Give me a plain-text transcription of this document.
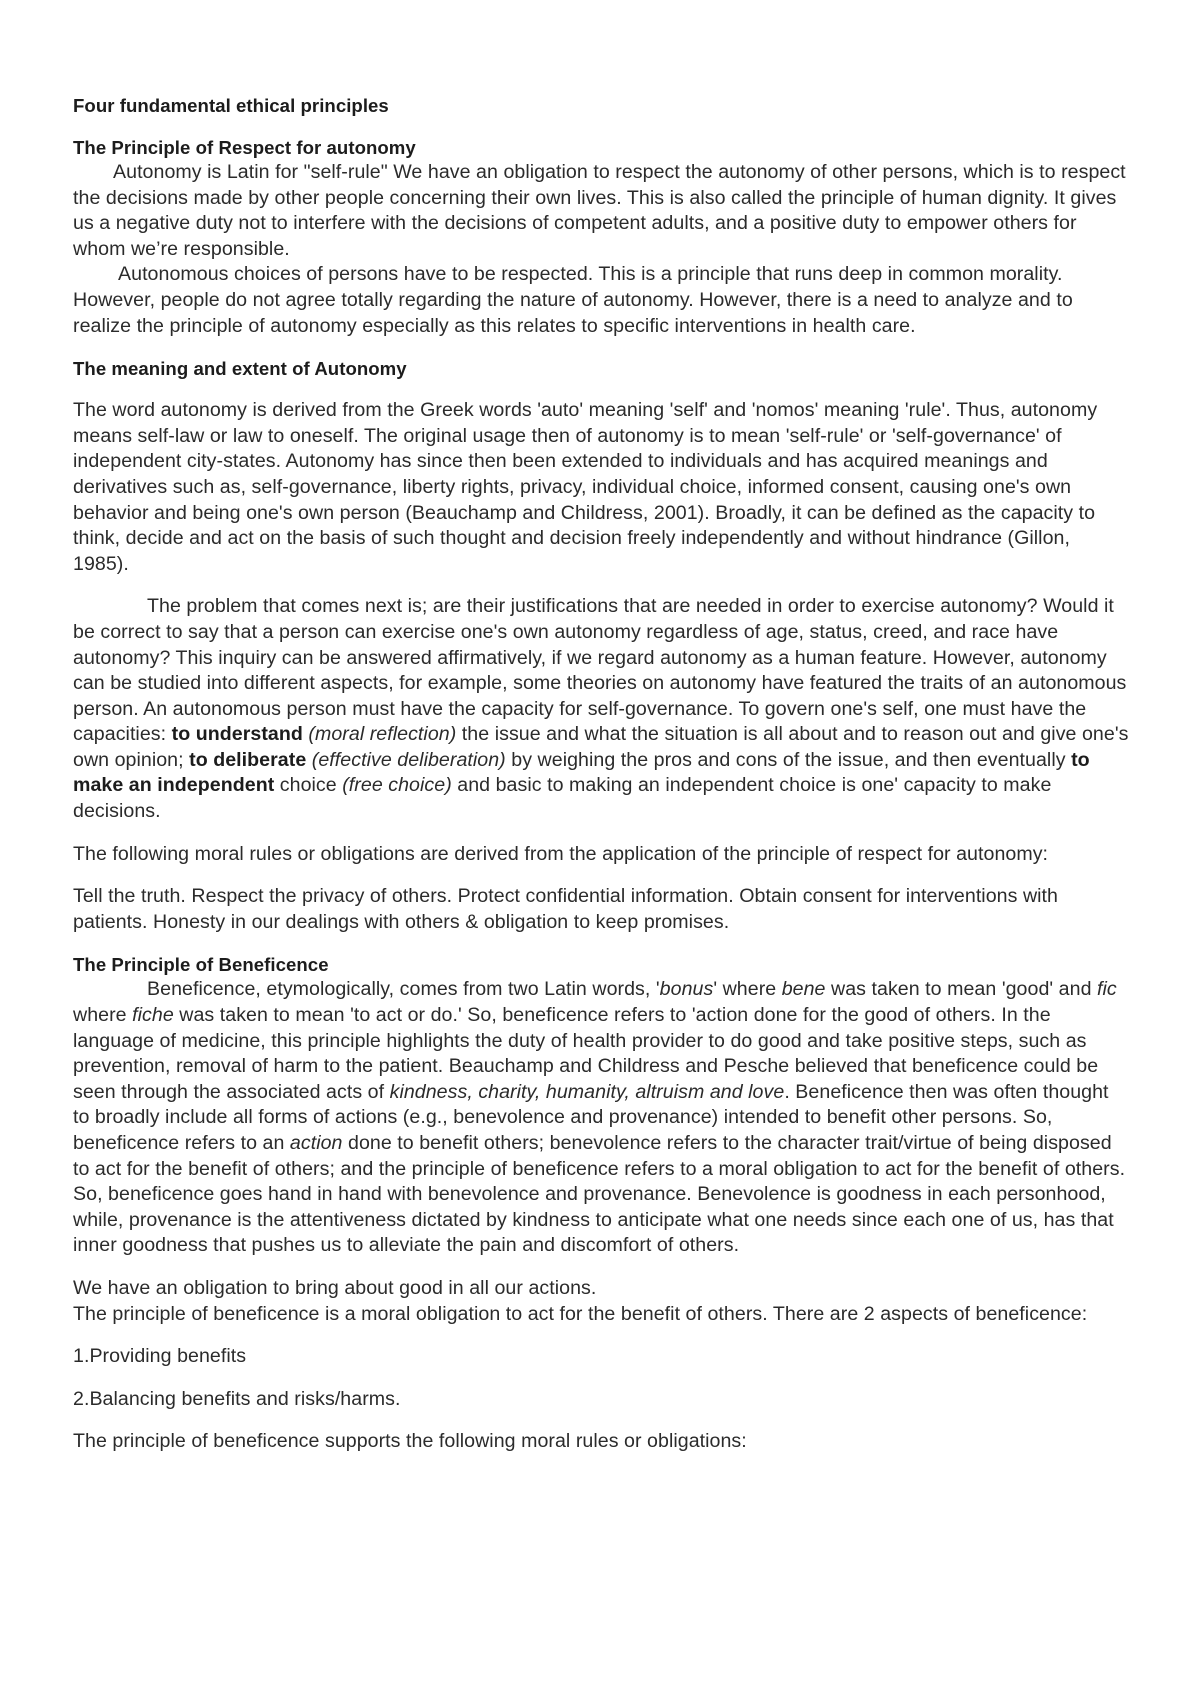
Four fundamental ethical principles
The Principle of Respect for autonomy

Autonomy is Latin for "self-rule" We have an obligation to respect the autonomy of other persons, which is to respect the decisions made by other people concerning their own lives. This is also called the principle of human dignity. It gives us a negative duty not to interfere with the decisions of competent adults, and a positive duty to empower others for whom we’re responsible.

Autonomous choices of persons have to be respected. This is a principle that runs deep in common morality. However, people do not agree totally regarding the nature of autonomy. However, there is a need to analyze and to realize the principle of autonomy especially as this relates to specific interventions in health care.

The meaning and extent of Autonomy

The word autonomy is derived from the Greek words 'auto' meaning 'self' and 'nomos' meaning 'rule'. Thus, autonomy means self-law or law to oneself. The original usage then of autonomy is to mean 'self-rule' or 'self-governance' of independent city-states. Autonomy has since then been extended to individuals and has acquired meanings and derivatives such as, self-governance, liberty rights, privacy, individual choice, informed consent, causing one's own behavior and being one's own person (Beauchamp and Childress, 2001). Broadly, it can be defined as the capacity to think, decide and act on the basis of such thought and decision freely independently and without hindrance (Gillon, 1985).

The problem that comes next is; are their justifications that are needed in order to exercise autonomy? Would it be correct to say that a person can exercise one's own autonomy regardless of age, status, creed, and race have autonomy? This inquiry can be answered affirmatively, if we regard autonomy as a human feature. However, autonomy can be studied into different aspects, for example, some theories on autonomy have featured the traits of an autonomous person. An autonomous person must have the capacity for self-governance. To govern one's self, one must have the capacities: to understand (moral reflection) the issue and what the situation is all about and to reason out and give one's own opinion; to deliberate (effective deliberation) by weighing the pros and cons of the issue, and then eventually to make an independent choice (free choice) and basic to making an independent choice is one' capacity to make decisions.

The following moral rules or obligations are derived from the application of the principle of respect for autonomy:

Tell the truth. Respect the privacy of others. Protect confidential information. Obtain consent for interventions with patients. Honesty in our dealings with others & obligation to keep promises.

The Principle of Beneficence

Beneficence, etymologically, comes from two Latin words, 'bonus' where bene was taken to mean 'good' and fic where fiche was taken to mean 'to act or do.' So, beneficence refers to 'action done for the good of others. In the language of medicine, this principle highlights the duty of health provider to do good and take positive steps, such as prevention, removal of harm to the patient. Beauchamp and Childress and Pesche believed that beneficence could be seen through the associated acts of kindness, charity, humanity, altruism and love. Beneficence then was often thought to broadly include all forms of actions (e.g., benevolence and provenance) intended to benefit other persons. So, beneficence refers to an action done to benefit others; benevolence refers to the character trait/virtue of being disposed to act for the benefit of others; and the principle of beneficence refers to a moral obligation to act for the benefit of others. So, beneficence goes hand in hand with benevolence and provenance. Benevolence is goodness in each personhood, while, provenance is the attentiveness dictated by kindness to anticipate what one needs since each one of us, has that inner goodness that pushes us to alleviate the pain and discomfort of others.

We have an obligation to bring about good in all our actions.

The principle of beneficence is a moral obligation to act for the benefit of others. There are 2 aspects of beneficence:

1.Providing benefits

2.Balancing benefits and risks/harms.

The principle of beneficence supports the following moral rules or obligations:
